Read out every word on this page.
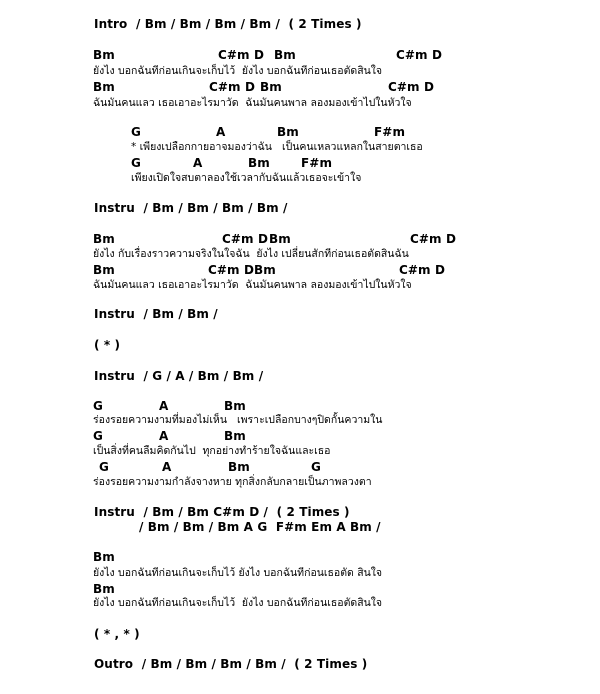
Intro  / Bm / Bm / Bm / Bm /  ( 2 Times )
Bm	C#m D Bm	C#m D
ยังไง บอกฉันทีก่อนเกินจะเก็บไว้  ยังไง บอกฉันทีก่อนเธอตัดสินใจ
Bm	C#m D Bm	C#m D
ฉันมันคนแลว เธอเอาอะไรมาวัด  ฉันมันคนพาล ลองมองเข้าไปในหัวใจ
G	A	Bm	F#m
* เพียงเปลือกกายอาจมองว่าฉัน   เป็นคนเหลวแหลกในสายตาเธอ
G	A	Bm	F#m
เพียงเปิดใจสบตาลองใช้เวลากับฉันแล้วเธอจะเข้าใจ
Instru  / Bm / Bm / Bm / Bm /
Bm	C#m D Bm	C#m D
ยังไง กับเรื่องราวความจริงในใจฉัน  ยังไง เปลี่ยนสักทีก่อนเธอตัดสินฉัน
Bm	C#m D Bm	C#m D
ฉันมันคนแลว เธอเอาอะไรมาวัด  ฉันมันคนพาล ลองมองเข้าไปในหัวใจ
Instru  / Bm / Bm /
( * )
Instru  / G / A / Bm / Bm /
G	A	Bm
ร่องรอยความงามที่มองไม่เห็น   เพราะเปลือกบางๆปิดกั้นความใน
G	A	Bm
เป็นสิ่งที่คนลืมคิดกันไป  ทุกอย่างทำร้ายใจฉันและเธอ
G	A	Bm	G
ร่องรอยความงามกำลังจางหาย ทุกสิ่งกลับกลายเป็นภาพลวงตา
Instru  / Bm / Bm C#m D /  ( 2 Times )
/ Bm / Bm / Bm A G  F#m Em A Bm /
Bm
ยังไง บอกฉันทีก่อนเกินจะเก็บไว้ ยังไง บอกฉันทีก่อนเธอตัด สินใจ
Bm
ยังไง บอกฉันทีก่อนเกินจะเก็บไว้  ยังไง บอกฉันทีก่อนเธอตัดสินใจ
( * , * )
Outro  / Bm / Bm / Bm / Bm /  ( 2 Times )
